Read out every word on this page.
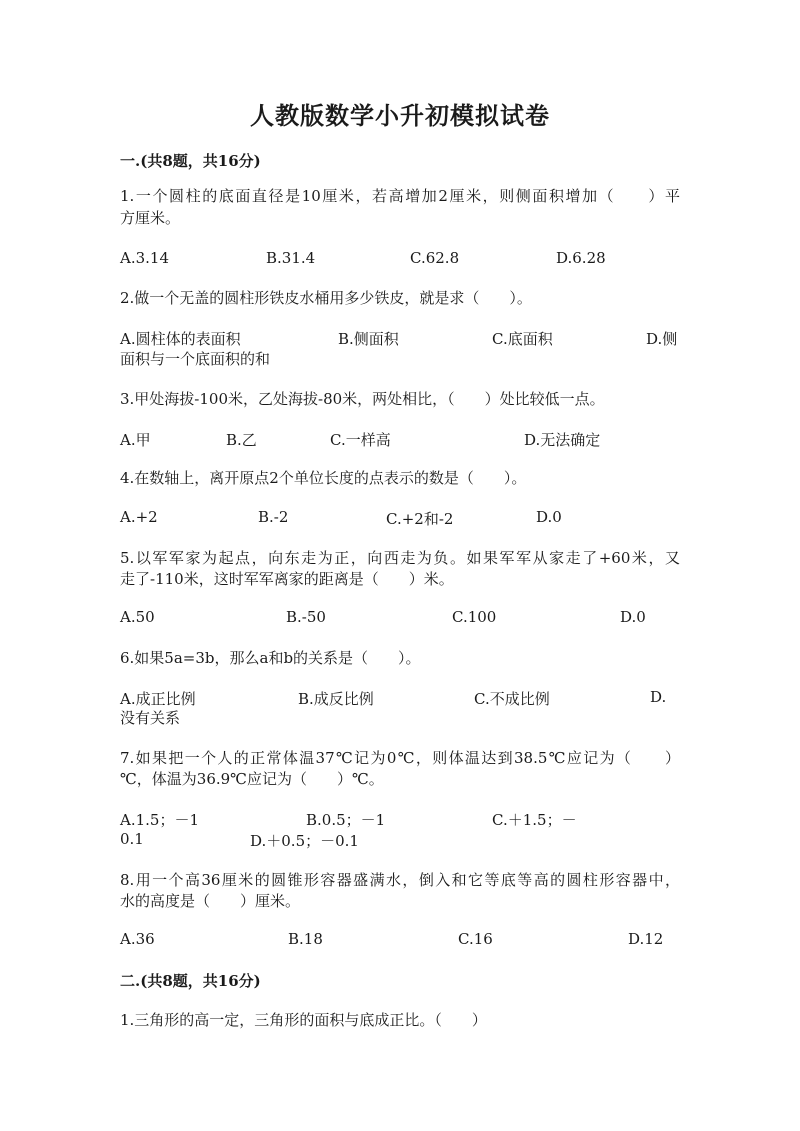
人教版数学小升初模拟试卷
一.(共8题，共16分)
1.一个圆柱的底面直径是10厘米，若高增加2厘米，则侧面积增加（　　）平
方厘米。
A.3.14	B.31.4	C.62.8	D.6.28
2.做一个无盖的圆柱形铁皮水桶用多少铁皮，就是求（　　）。
A.圆柱体的表面积	B.侧面积	C.底面积	D.侧
面积与一个底面积的和
3.甲处海拔-100米，乙处海拔-80米，两处相比，（　　）处比较低一点。
A.甲	B.乙	C.一样高	D.无法确定
4.在数轴上，离开原点2个单位长度的点表示的数是（　　）。
A.+2	B.-2	C.+2和-2	D.0
5.以军军家为起点，向东走为正，向西走为负。如果军军从家走了+60米，又
走了-110米，这时军军离家的距离是（　　）米。
A.50	B.-50	C.100	D.0
6.如果5a=3b，那么a和b的关系是（　　）。
A.成正比例	B.成反比例	C.不成比例	D.
没有关系
7.如果把一个人的正常体温37℃记为0℃，则体温达到38.5℃应记为（　　）
℃，体温为36.9℃应记为（　　）℃。
A.1.5；－1	B.0.5；－1	C.＋1.5；－
0.1	D.＋0.5；－0.1
8.用一个高36厘米的圆锥形容器盛满水，倒入和它等底等高的圆柱形容器中，
水的高度是（　　）厘米。
A.36	B.18	C.16	D.12
二.(共8题，共16分)
1.三角形的高一定，三角形的面积与底成正比。（　　）
